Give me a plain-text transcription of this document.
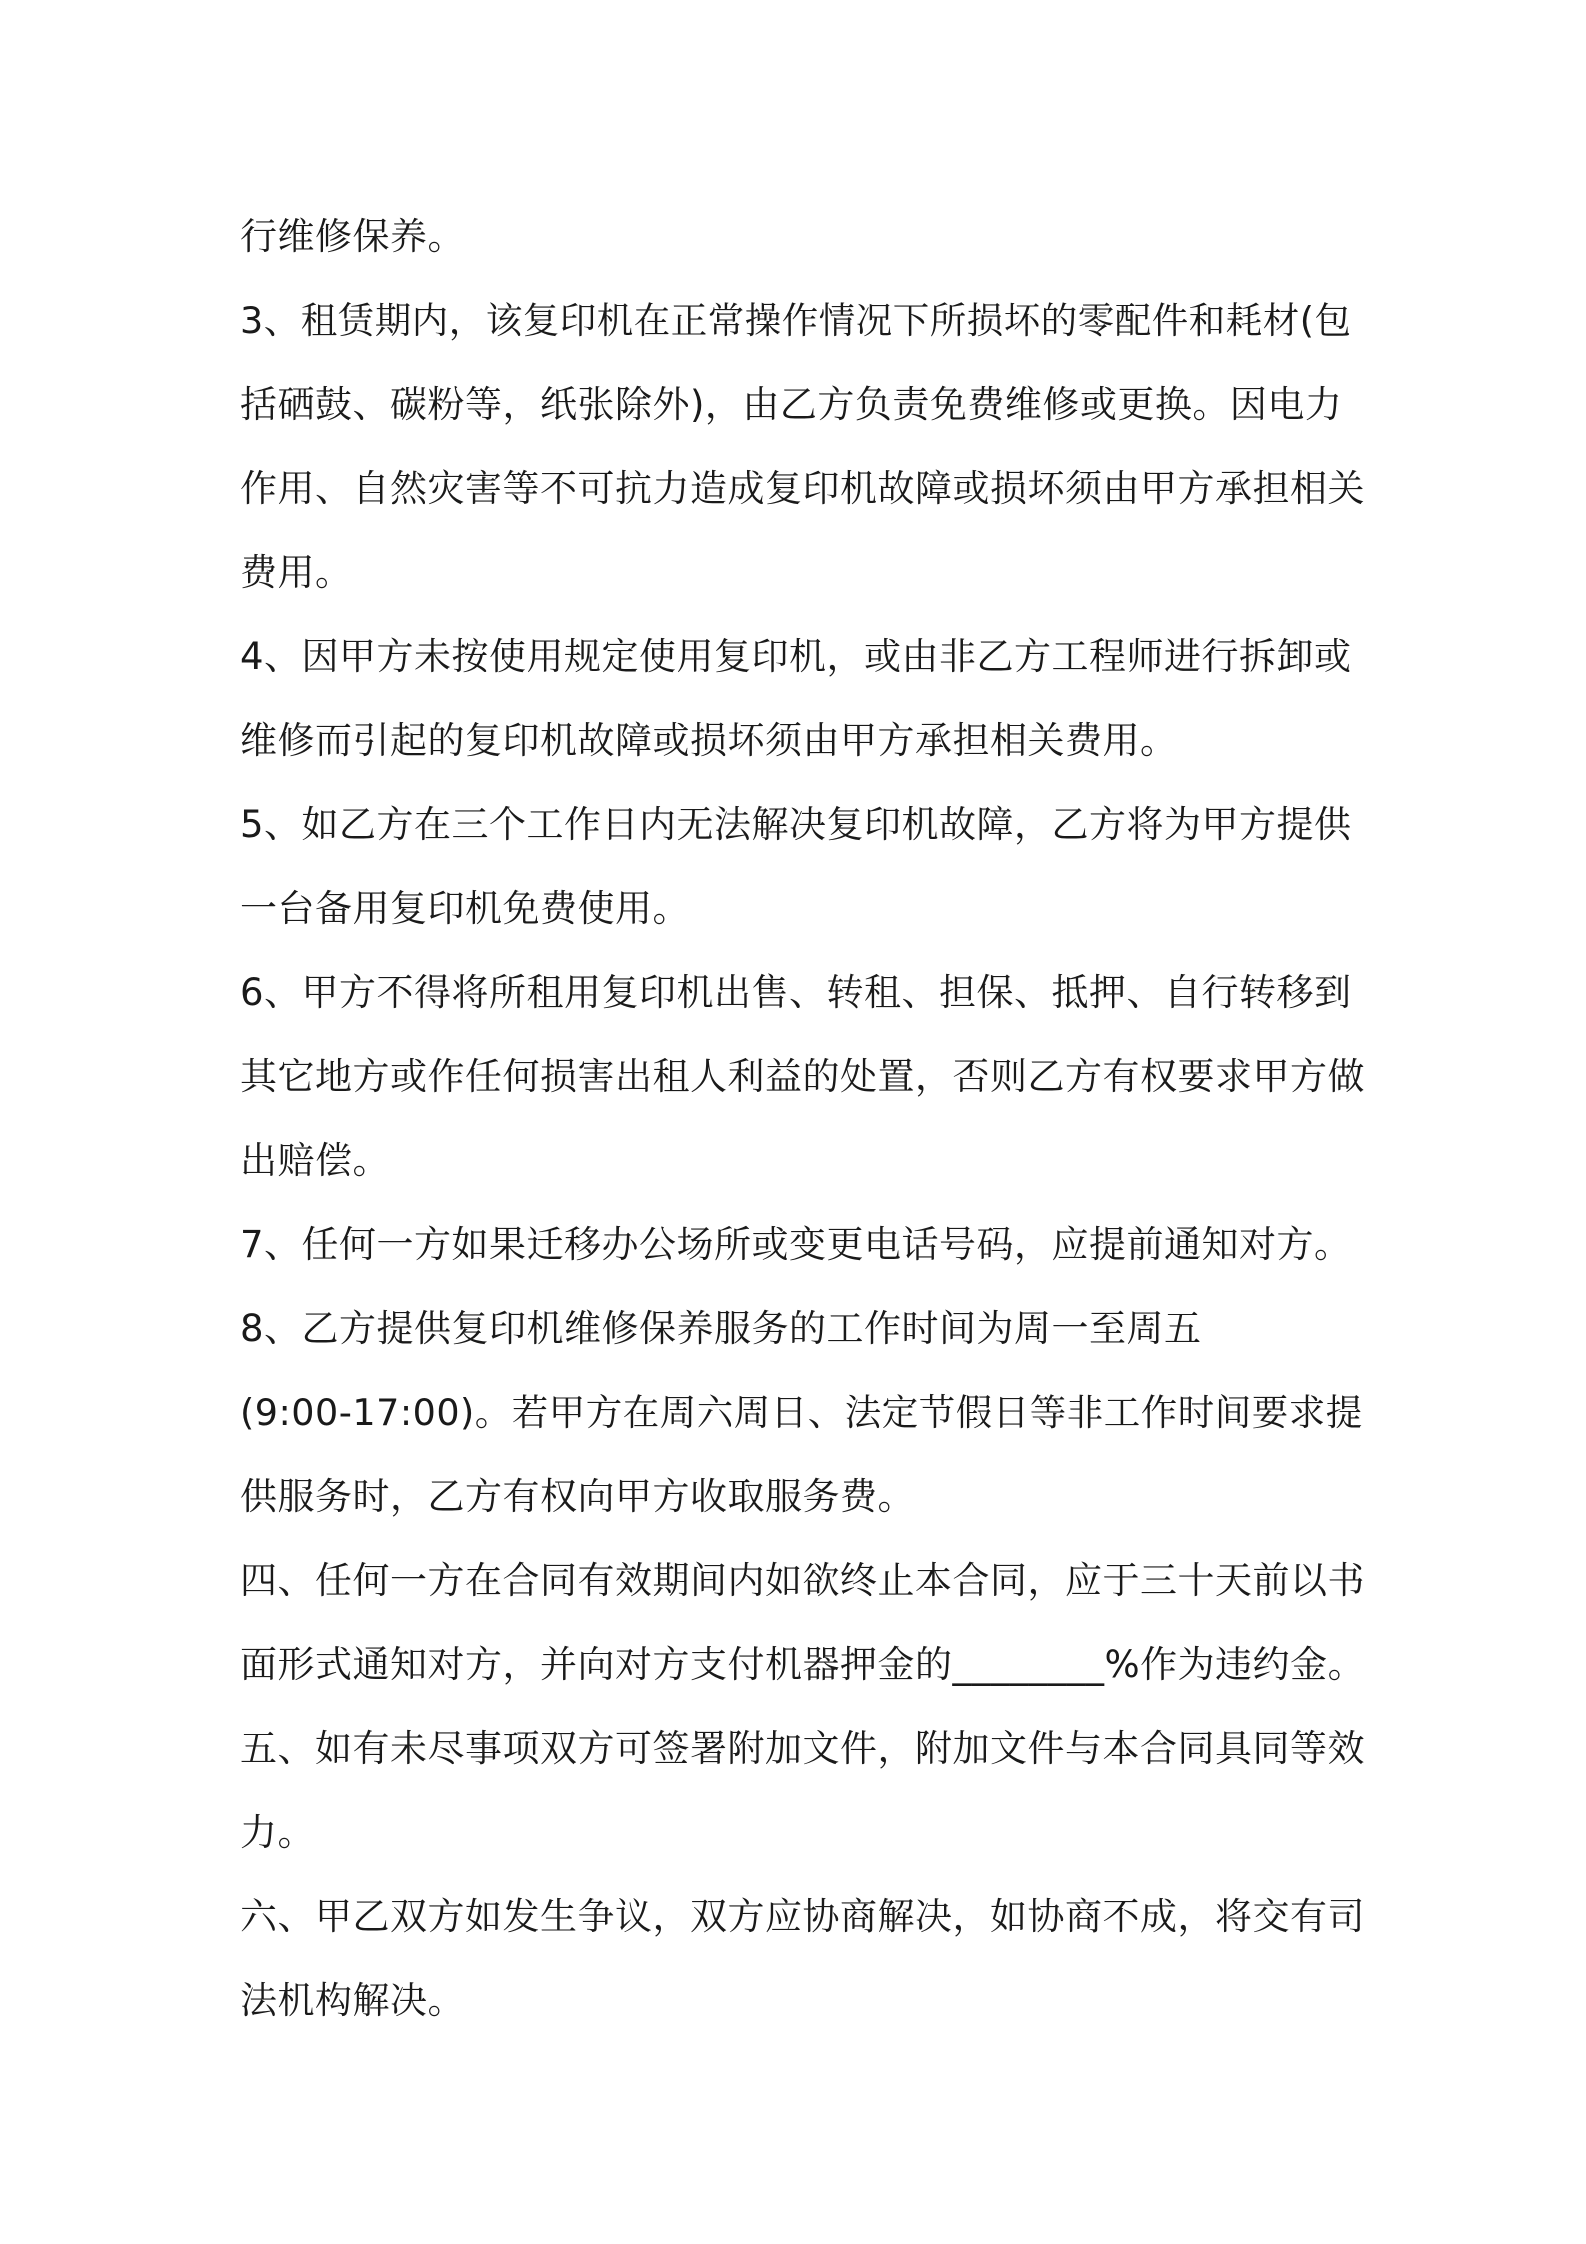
行维修保养。
3、租赁期内，该复印机在正常操作情况下所损坏的零配件和耗材(包
括硒鼓、碳粉等，纸张除外)，由乙方负责免费维修或更换。因电力
作用、自然灾害等不可抗力造成复印机故障或损坏须由甲方承担相关
费用。
4、因甲方未按使用规定使用复印机，或由非乙方工程师进行拆卸或
维修而引起的复印机故障或损坏须由甲方承担相关费用。
5、如乙方在三个工作日内无法解决复印机故障，乙方将为甲方提供
一台备用复印机免费使用。
6、甲方不得将所租用复印机出售、转租、担保、抵押、自行转移到
其它地方或作任何损害出租人利益的处置，否则乙方有权要求甲方做
出赔偿。
7、任何一方如果迁移办公场所或变更电话号码，应提前通知对方。
8、乙方提供复印机维修保养服务的工作时间为周一至周五
(9:00-17:00)。若甲方在周六周日、法定节假日等非工作时间要求提
供服务时，乙方有权向甲方收取服务费。
四、任何一方在合同有效期间内如欲终止本合同，应于三十天前以书
面形式通知对方，并向对方支付机器押金的________%作为违约金。
五、如有未尽事项双方可签署附加文件，附加文件与本合同具同等效
力。
六、甲乙双方如发生争议，双方应协商解决，如协商不成，将交有司
法机构解决。
